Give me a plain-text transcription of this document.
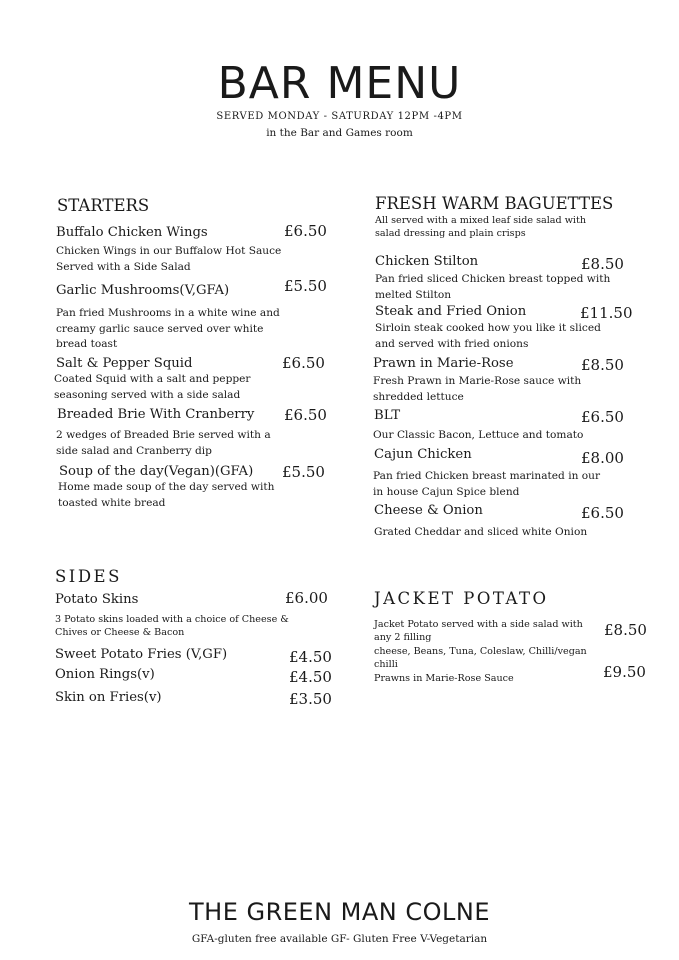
BAR MENU
SERVED MONDAY - SATURDAY 12PM -4PM
in the Bar and Games room
STARTERS
Buffalo Chicken Wings	£6.50
Chicken Wings in our Buffalow Hot Sauce Served with a Side Salad
Garlic Mushrooms(V,GFA)	£5.50
Pan fried Mushrooms in a white wine and creamy garlic sauce served over white bread toast
Salt & Pepper Squid	£6.50
Coated Squid with a salt and pepper seasoning served with a side salad
Breaded Brie With Cranberry £6.50
2 wedges of Breaded Brie served with a side salad and Cranberry dip
Soup of the day(Vegan)(GFA) £5.50
Home made soup of the day served with toasted white bread
FRESH WARM BAGUETTES
All served with a mixed leaf side salad with salad dressing and plain crisps
Chicken Stilton	£8.50
Pan fried sliced Chicken breast topped with melted Stilton
Steak and Fried Onion	£11.50
Sirloin steak cooked how you like it sliced and served with fried onions
Prawn in Marie-Rose	£8.50
Fresh Prawn in Marie-Rose sauce with shredded lettuce
BLT	£6.50
Our Classic Bacon, Lettuce and tomato
Cajun Chicken	£8.00
Pan fried Chicken breast marinated in our in house Cajun Spice blend
Cheese & Onion	£6.50
Grated Cheddar and sliced white Onion
SIDES
Potato Skins	£6.00
3 Potato skins loaded with a choice of Cheese & Chives or Cheese & Bacon
Sweet Potato Fries (V,GF)	£4.50
Onion Rings(v)	£4.50
Skin on Fries(v)	£3.50
JACKET POTATO
Jacket Potato served with a side salad with any 2 filling	£8.50
cheese, Beans, Tuna, Coleslaw, Chilli/vegan chilli
Prawns in Marie-Rose Sauce	£9.50
THE GREEN MAN COLNE
GFA-gluten free available GF- Gluten Free V-Vegetarian
